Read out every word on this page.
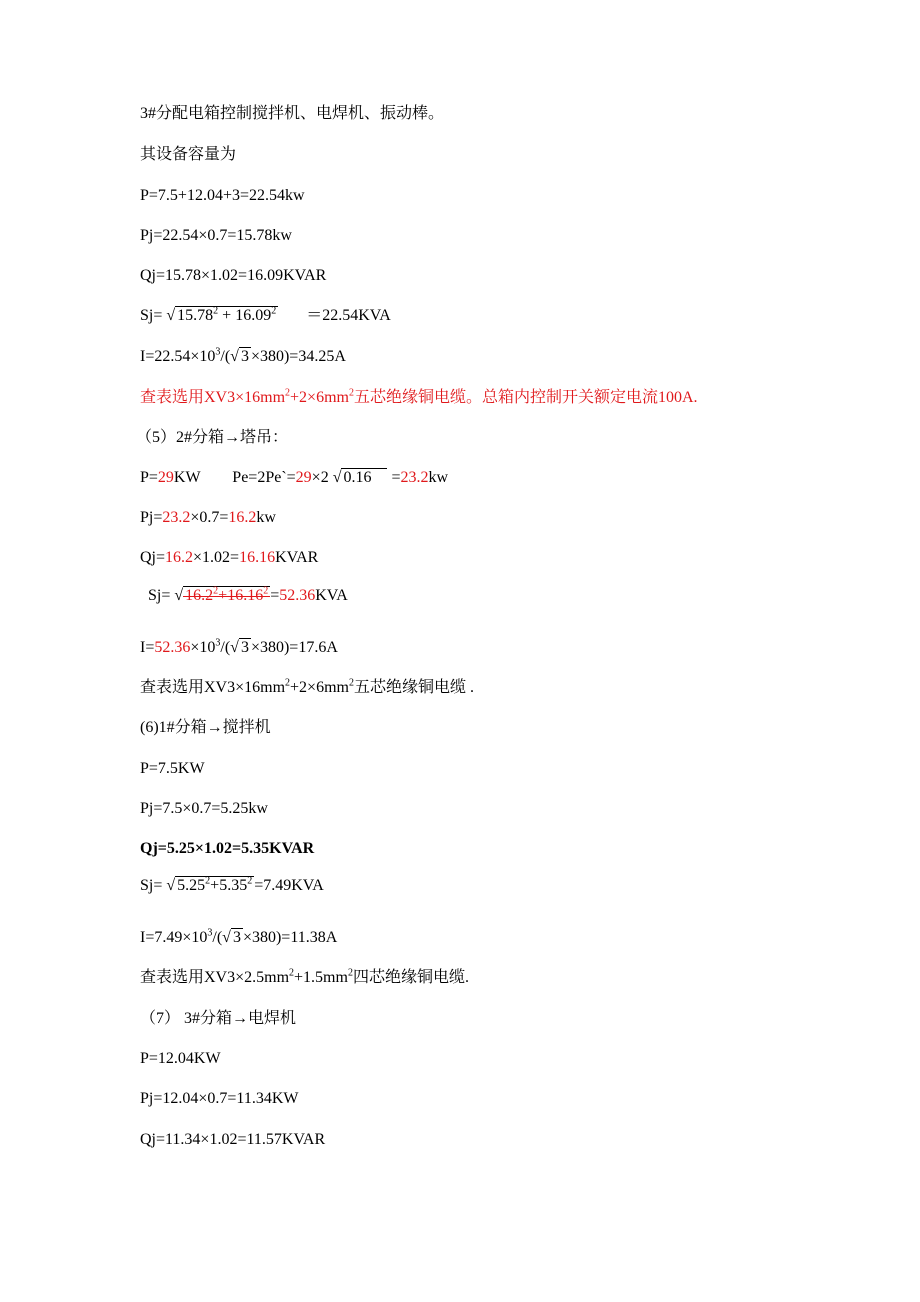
3#分配电箱控制搅拌机、电焊机、振动棒。
其设备容量为
P=7.5+12.04+3=22.54kw
Pj=22.54×0.7=15.78kw
Qj=15.78×1.02=16.09KVAR
Sj= √ $15.78^2 + 16.09^2 =22.54KVA$
$I=22.54\times 10^3/(√$ 3 ×380)=34.25A
查表选用$XV3\times 16mm^2+2\times 6mm^2$五芯绝缘铜电缆。总箱内控制开关额定电流100A.
（5）2#分箱→塔吊：
P=29KW Pe=2Pe`=29×2 √ 0.16 =23.2kw
Pj=23.2×0.7=16.2kw
Qj=16.2×1.02=16.16KVAR
Sj= √ $16.2^2+16.16^2 =52.36KVA$
$I=52.36\times 10^3/(√$ 3 ×380)=17.6A
查表选用$XV3\times 16mm^2+2\times 6mm^2$五芯绝缘铜电缆 .
(6)1#分箱→搅拌机
P=7.5KW
Pj=7.5×0.7=5.25kw
Qj=5.25×1.02=5.35KVAR
Sj= √ $5.25^2+5.35^2 =7.49KVA$
$I=7.49\times 10^3/(√$ 3 ×380)=11.38A
查表选用$XV3\times 2.5mm^2+1.5mm^2$四芯绝缘铜电缆.
（7） 3#分箱→电焊机
P=12.04KW
Pj=12.04×0.7=11.34KW
Qj=11.34×1.02=11.57KVAR
